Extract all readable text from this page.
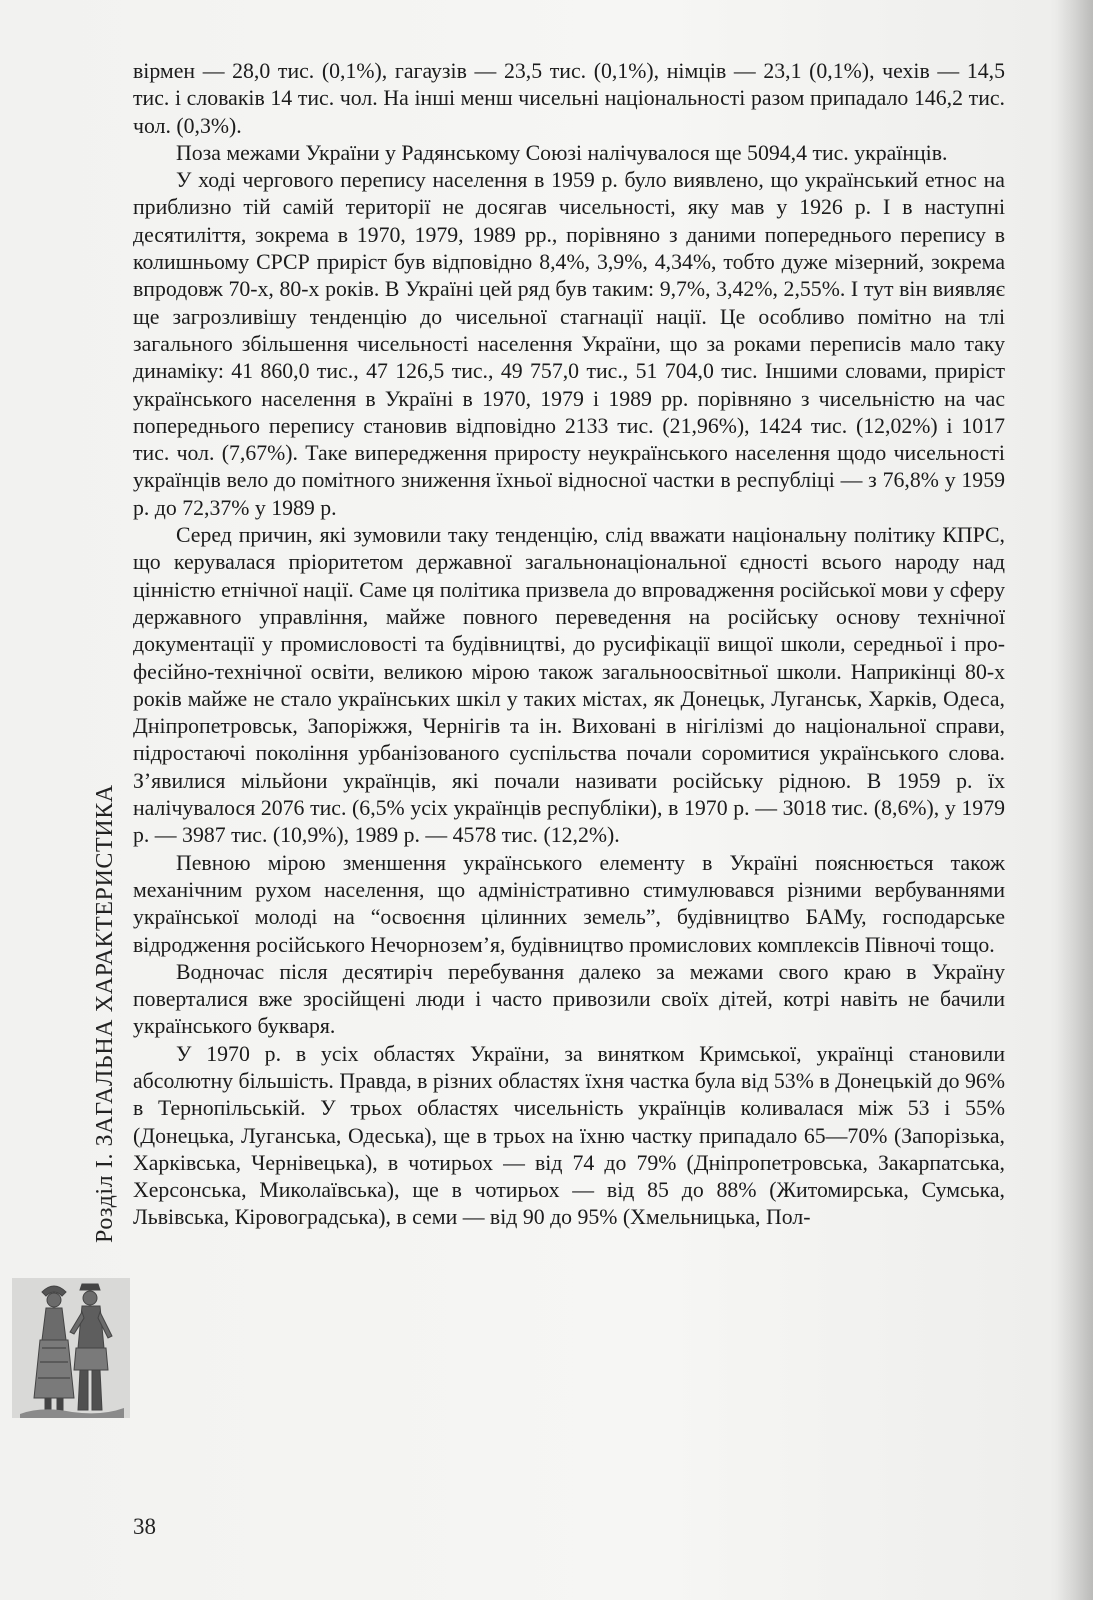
вірмен — 28,0 тис. (0,1%), гагаузів — 23,5 тис. (0,1%), німців — 23,1 (0,1%), чехів — 14,5 тис. і словаків 14 тис. чол. На інші менш чисельні національності разом припадало 146,2 тис. чол. (0,3%).

Поза межами України у Радянському Союзі налічувалося ще 5094,4 тис. українців.

У ході чергового перепису населення в 1959 р. було виявлено, що український етнос на приблизно тій самій території не досягав чисельності, яку мав у 1926 р. І в наступні десятиліття, зокрема в 1970, 1979, 1989 рр., порівняно з даними попереднього перепису в колишньому СРСР приріст був відповідно 8,4%, 3,9%, 4,34%, тобто дуже мізерний, зокрема впродовж 70-х, 80-х років. В Україні цей ряд був таким: 9,7%, 3,42%, 2,55%. І тут він виявляє ще загрозливішу тенденцію до чисельної стагнації нації. Це особливо помітно на тлі загального збільшення чисельності населення України, що за роками переписів мало таку динаміку: 41 860,0 тис., 47 126,5 тис., 49 757,0 тис., 51 704,0 тис. Іншими словами, приріст українського населення в Україні в 1970, 1979 і 1989 рр. порівняно з чисельністю на час попереднього перепису становив відповідно 2133 тис. (21,96%), 1424 тис. (12,02%) і 1017 тис. чол. (7,67%). Таке випередження приросту неукраїнського населення щодо чисельності українців вело до помітного зниження їхньої відносної частки в республіці — з 76,8% у 1959 р. до 72,37% у 1989 р.

Серед причин, які зумовили таку тенденцію, слід вважати національну політику КПРС, що керувалася пріоритетом державної загальнонаціональної єдності всього народу над цінністю етнічної нації. Саме ця політика призвела до впровадження російської мови у сферу державного управління, майже повного переведення на російську основу технічної документації у промисловості та будівництві, до русифікації вищої школи, середньої і професійно-технічної освіти, великою мірою також загальноосвітньої школи. Наприкінці 80-х років майже не стало українських шкіл у таких містах, як Донецьк, Луганськ, Харків, Одеса, Дніпропетровськ, Запоріжжя, Чернігів та ін. Виховані в нігілізмі до національної справи, підростаючі покоління урбанізованого суспільства почали соромитися українського слова. З’явилися мільйони українців, які почали називати російську рідною. В 1959 р. їх налічувалося 2076 тис. (6,5% усіх українців республіки), в 1970 р. — 3018 тис. (8,6%), у 1979 р. — 3987 тис. (10,9%), 1989 р. — 4578 тис. (12,2%).

Певною мірою зменшення українського елементу в Україні пояснюється також механічним рухом населення, що адміністративно стимулювався різними вербуваннями української молоді на “освоєння цілинних земель”, будівництво БАМу, господарське відродження російського Нечорнозем’я, будівництво промислових комплексів Півночі тощо.

Водночас після десятиріч перебування далеко за межами свого краю в Україну поверталися вже зросійщені люди і часто привозили своїх дітей, котрі навіть не бачили українського букваря.

У 1970 р. в усіх областях України, за винятком Кримської, українці становили абсолютну більшість. Правда, в різних областях їхня частка була від 53% в Донецькій до 96% в Тернопільській. У трьох областях чисельність українців коливалася між 53 і 55% (Донецька, Луганська, Одеська), ще в трьох на їхню частку припадало 65—70% (Запорізька, Харківська, Чернівецька), в чотирьох — від 74 до 79% (Дніпропетровська, Закарпатська, Херсонська, Миколаївська), ще в чотирьох — від 85 до 88% (Житомирська, Сумська, Львівська, Кіровоградська), в семи — від 90 до 95% (Хмельницька, Пол-

Розділ І. ЗАГАЛЬНА ХАРАКТЕРИСТИКА
38
